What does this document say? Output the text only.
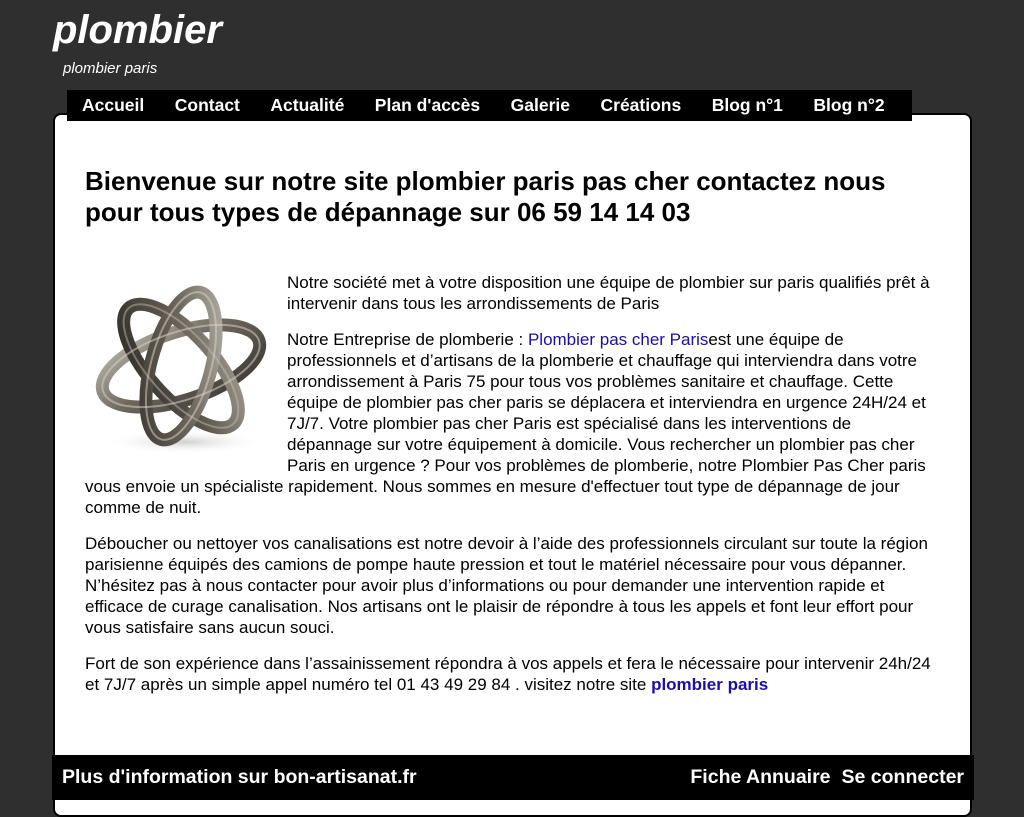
plombier
plombier paris
Accueil Contact Actualité Plan d'accès Galerie Créations Blog n°1 Blog n°2
Bienvenue sur notre site plombier paris pas cher contactez nous pour tous types de dépannage sur 06 59 14 14 03

Notre société met à votre disposition une équipe de plombier sur paris qualifiés prêt à intervenir dans tous les arrondissements de Paris

Notre Entreprise de plomberie : Plombier pas cher Parisest une équipe de professionnels et d’artisans de la plomberie et chauffage qui interviendra dans votre arrondissement à Paris 75 pour tous vos problèmes sanitaire et chauffage. Cette équipe de plombier pas cher paris se déplacera et interviendra en urgence 24H/24 et 7J/7. Votre plombier pas cher Paris est spécialisé dans les interventions de dépannage sur votre équipement à domicile. Vous rechercher un plombier pas cher Paris en urgence ? Pour vos problèmes de plomberie, notre Plombier Pas Cher paris vous envoie un spécialiste rapidement. Nous sommes en mesure d'effectuer tout type de dépannage de jour comme de nuit.

Déboucher ou nettoyer vos canalisations est notre devoir à l’aide des professionnels circulant sur toute la région parisienne équipés des camions de pompe haute pression et tout le matériel nécessaire pour vous dépanner. N’hésitez pas à nous contacter pour avoir plus d’informations ou pour demander une intervention rapide et efficace de curage canalisation. Nos artisans ont le plaisir de répondre à tous les appels et font leur effort pour vous satisfaire sans aucun souci.

Fort de son expérience dans l’assainissement répondra à vos appels et fera le nécessaire pour intervenir 24h/24 et 7J/7 après un simple appel numéro tel 01 43 49 29 84 . visitez notre site plombier paris

Plus d'information sur bon-artisanat.fr	Fiche Annuaire Se connecter
